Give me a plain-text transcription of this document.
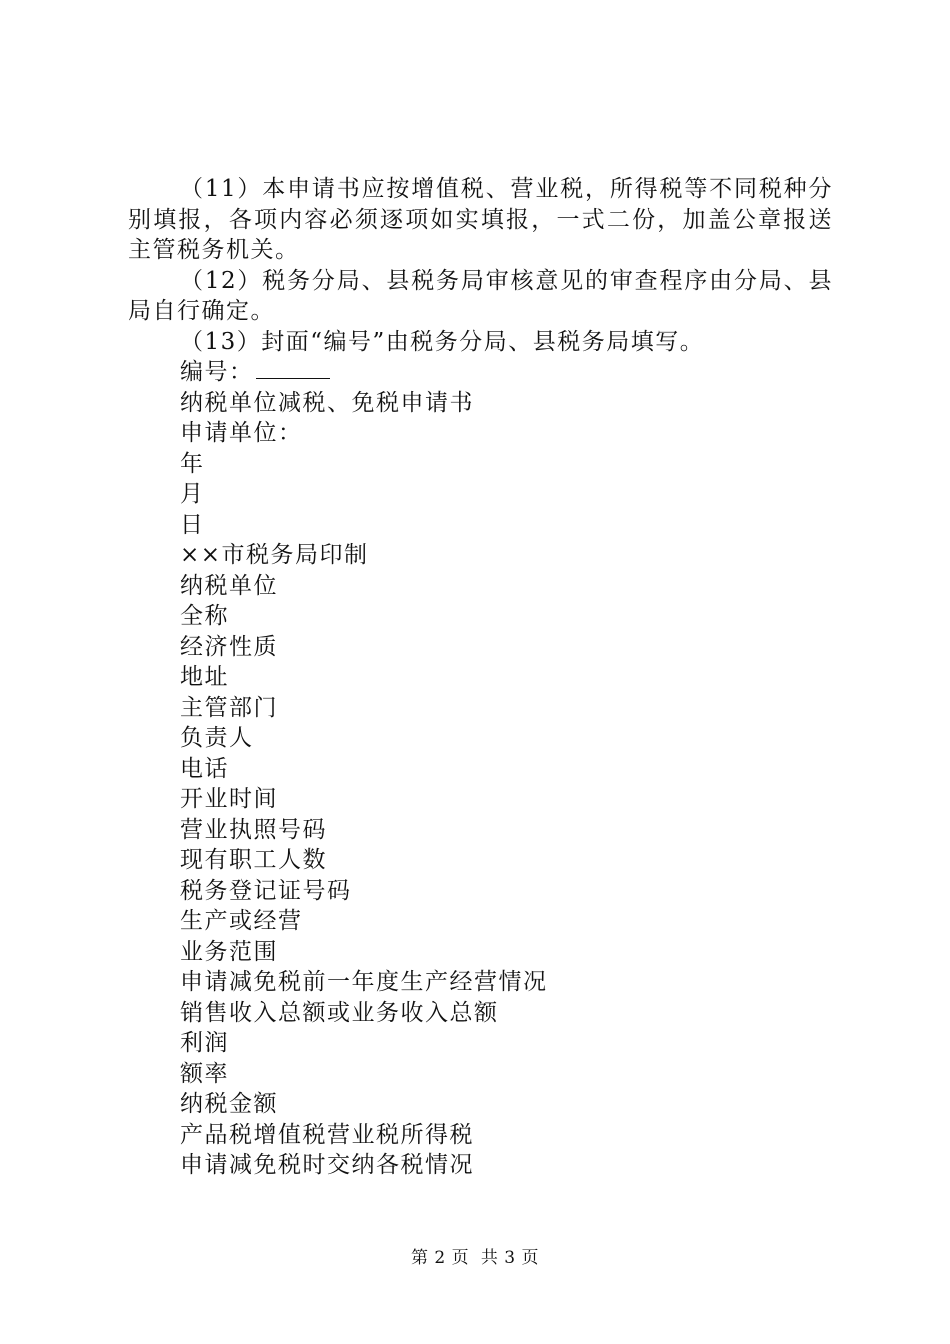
（11）本申请书应按增值税、营业税，所得税等不同税种分别填报，各项内容必须逐项如实填报，一式二份，加盖公章报送主管税务机关。

（12）税务分局、县税务局审核意见的审查程序由分局、县局自行确定。

（13）封面“编号”由税务分局、县税务局填写。

编号：

纳税单位减税、免税申请书

申请单位：

年

月

日

××市税务局印制

纳税单位

全称

经济性质

地址

主管部门

负责人

电话

开业时间

营业执照号码

现有职工人数

税务登记证号码

生产或经营

业务范围

申请减免税前一年度生产经营情况

销售收入总额或业务收入总额

利润

额率

纳税金额

产品税增值税营业税所得税

申请减免税时交纳各税情况

第 2 页  共 3 页
